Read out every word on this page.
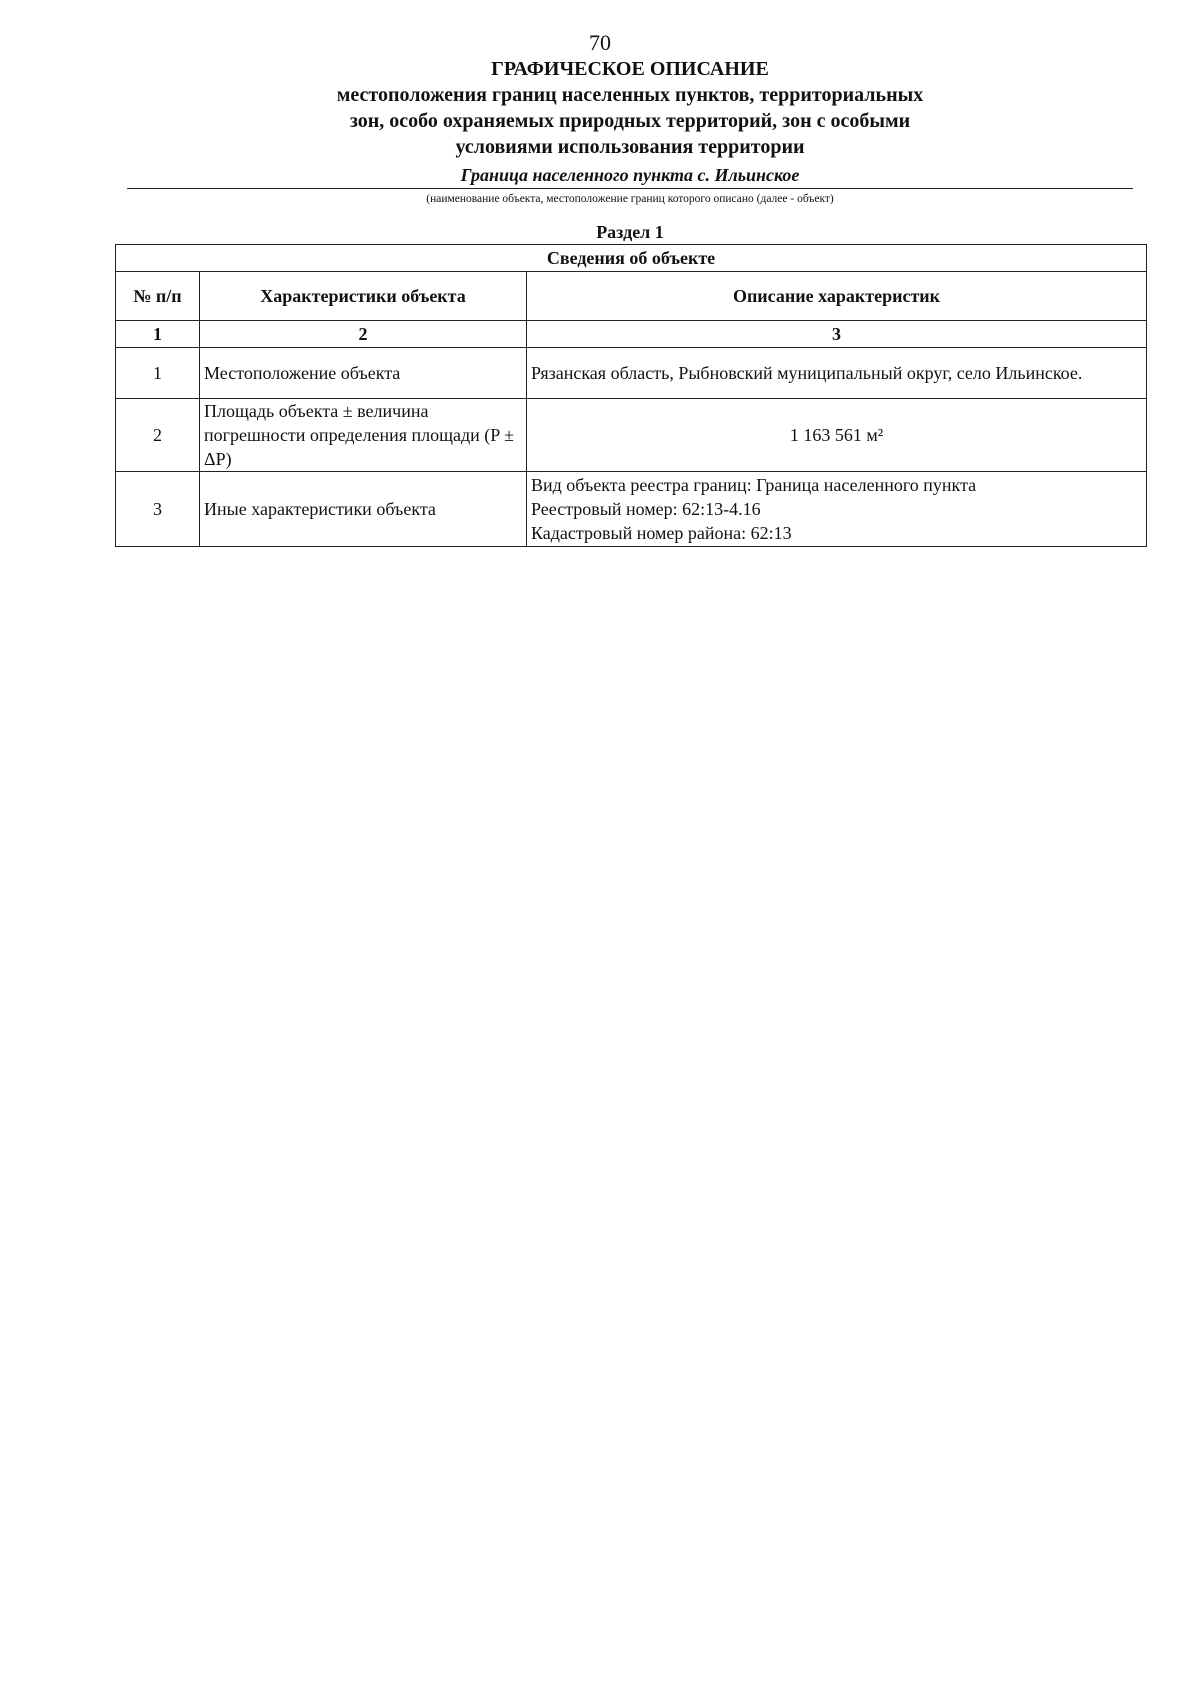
70
ГРАФИЧЕСКОЕ ОПИСАНИЕ
местоположения границ населенных пунктов, территориальных
зон, особо охраняемых природных территорий, зон с особыми
условиями использования территории
Граница населенного пункта с. Ильинское
(наименование объекта, местоположение границ которого описано (далее - объект)
Раздел 1
Сведения об объекте		
№ п/п	Характеристики объекта	Описание характеристик
1	2	3
1	Местоположение объекта	Рязанская область, Рыбновский муниципальный округ, село Ильинское.

2	Площадь объекта ± величина погрешности определения площади (P ± ΔP)	1 163 561 м²

3	Иные характеристики объекта	Вид объекта реестра границ: Граница населенного пункта
Реестровый номер: 62:13-4.16
Кадастровый номер района: 62:13
